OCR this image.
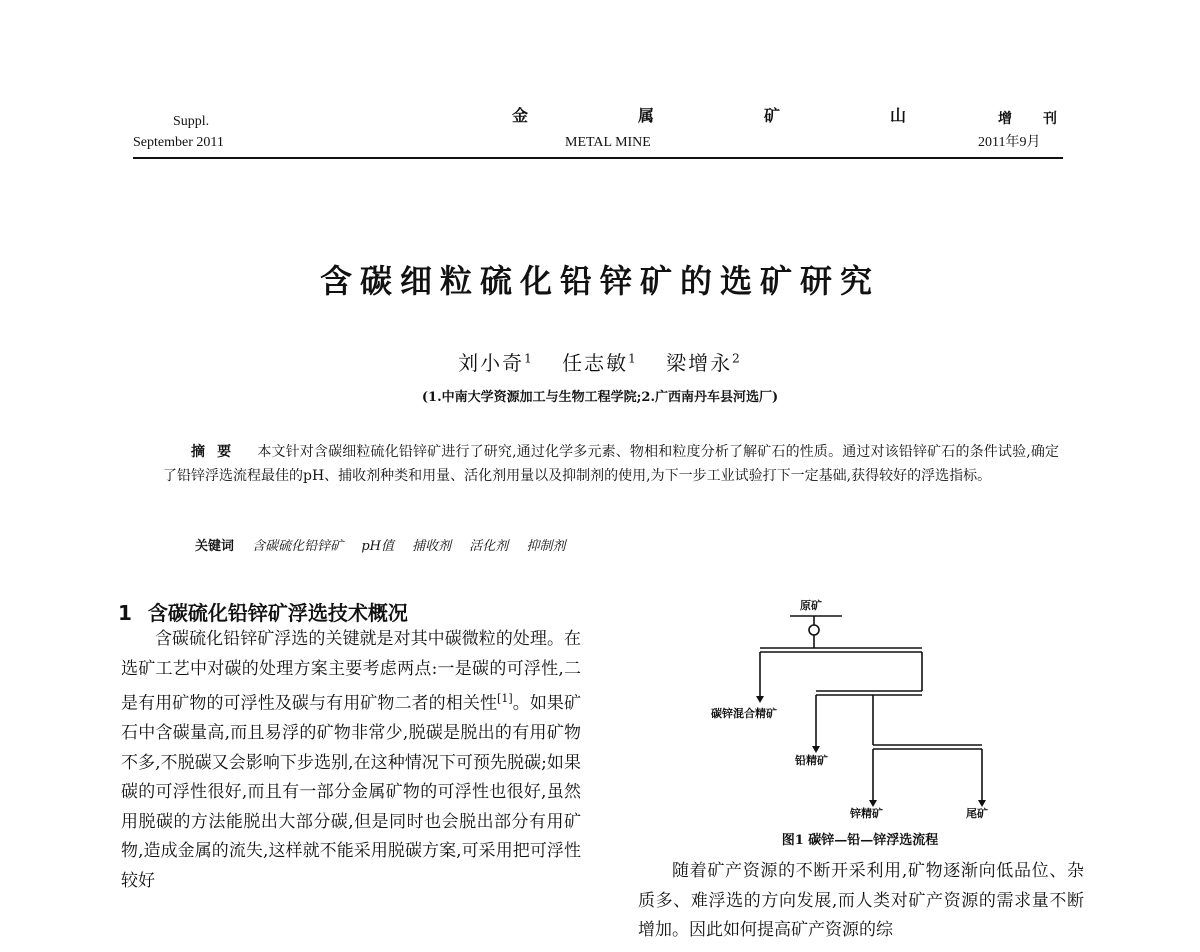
Suppl.
September 2011
金  属  矿  山
METAL MINE
增  刊
2011年9月
含碳细粒硫化铅锌矿的选矿研究
刘小奇$^1$ 任志敏$^1$ 梁增永$^2$
(1.中南大学资源加工与生物工程学院;2.广西南丹车县河选厂)
摘要 本文针对含碳细粒硫化铅锌矿进行了研究,通过化学多元素、物相和粒度分析了解矿石的性质。通过对该铅锌矿石的条件试验,确定了铅锌浮选流程最佳的pH、捕收剂种类和用量、活化剂用量以及抑制剂的使用,为下一步工业试验打下一定基础,获得较好的浮选指标。
关键词 含碳硫化铅锌矿 pH值 捕收剂 活化剂 抑制剂
1 含碳硫化铅锌矿浮选技术概况

含碳硫化铅锌矿浮选的关键就是对其中碳微粒的处理。在选矿工艺中对碳的处理方案主要考虑两点:一是碳的可浮性,二是有用矿物的可浮性及碳与有用矿物二者的相关性[1]。如果矿石中含碳量高,而且易浮的矿物非常少,脱碳是脱出的有用矿物不多,不脱碳又会影响下步选别,在这种情况下可预先脱碳;如果碳的可浮性很好,而且有一部分金属矿物的可浮性也很好,虽然用脱碳的方法能脱出大部分碳,但是同时也会脱出部分有用矿物,造成金属的流失,这样就不能采用脱碳方案,可采用把可浮性较好

原矿
碳锌混合精矿
铅精矿
锌精矿	尾矿
图1 碳锌—铅—锌浮选流程

随着矿产资源的不断开采利用,矿物逐渐向低品位、杂质多、难浮选的方向发展,而人类对矿产资源的需求量不断增加。因此如何提高矿产资源的综
